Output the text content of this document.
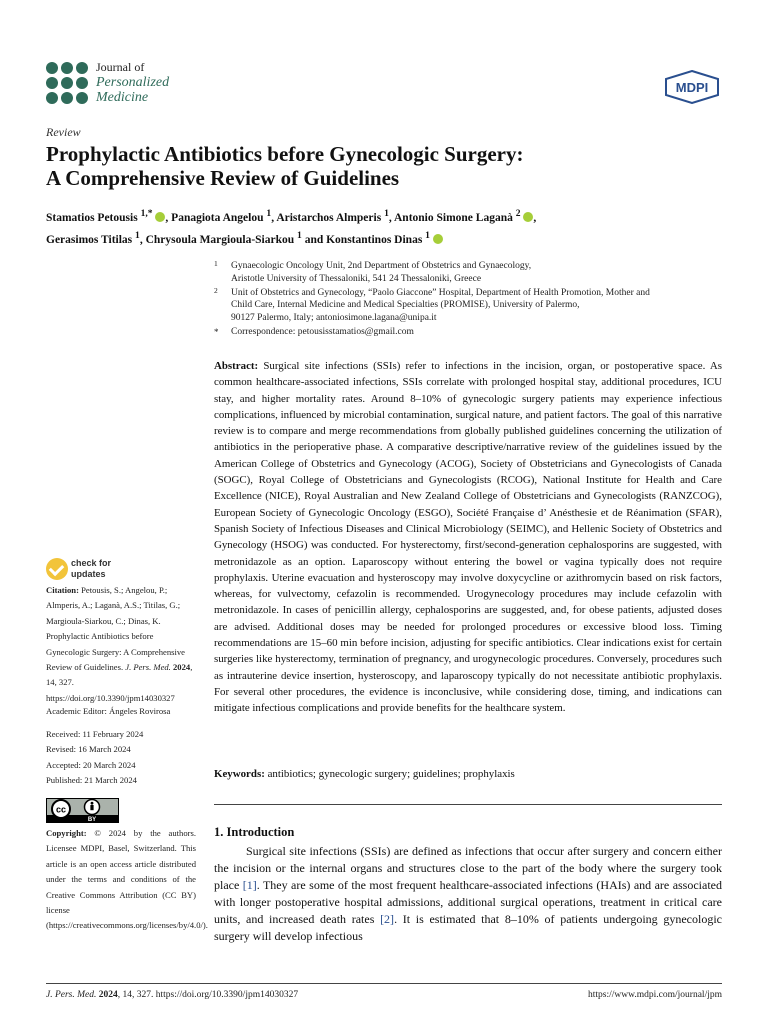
Journal of
Personalized
Medicine
MDPI
Review
Prophylactic Antibiotics before Gynecologic Surgery:
A Comprehensive Review of Guidelines
Stamatios Petousis $^{1,*}$ , Panagiota Angelou $^1$, Aristarchos Almperis $^1$, Antonio Simone Laganà $^2$ ,
Gerasimos Titilas $^1$, Chrysoula Margioula-Siarkou $^1$ and Konstantinos Dinas $^1$
1 Gynaecologic Oncology Unit, 2nd Department of Obstetrics and Gynaecology,
Aristotle University of Thessaloniki, 541 24 Thessaloniki, Greece
2 Unit of Obstetrics and Gynecology, “Paolo Giaccone” Hospital, Department of Health Promotion, Mother and
Child Care, Internal Medicine and Medical Specialties (PROMISE), University of Palermo,
90127 Palermo, Italy; antoniosimone.lagana@unipa.it
* Correspondence: petousisstamatios@gmail.com
Abstract: Surgical site infections (SSIs) refer to infections in the incision, organ, or postoperative space. As common healthcare-associated infections, SSIs correlate with prolonged hospital stay, additional procedures, ICU stay, and higher mortality rates. Around 8–10% of gynecologic surgery patients may experience infectious complications, influenced by microbial contamination, surgical nature, and patient factors. The goal of this narrative review is to compare and merge recommendations from globally published guidelines concerning the utilization of antibiotics in the perioperative phase. A comparative descriptive/narrative review of the guidelines issued by the American College of Obstetrics and Gynecology (ACOG), Society of Obstetricians and Gynecologists of Canada (SOGC), Royal College of Obstetricians and Gynecologists (RCOG), National Institute for Health and Care Excellence (NICE), Royal Australian and New Zealand College of Obstetricians and Gynecologists (RANZCOG), European Society of Gynecologic Oncology (ESGO), Société Française d’ Anésthesie et de Réanimation (SFAR), Spanish Society of Infectious Diseases and Clinical Microbiology (SEIMC), and Hellenic Society of Obstetrics and Gynecology (HSOG) was conducted. For hysterectomy, first/second-generation cephalosporins are suggested, with metronidazole as an option. Laparoscopy without entering the bowel or vagina typically does not require prophylaxis. Uterine evacuation and hysteroscopy may involve doxycycline or azithromycin based on risk factors, whereas, for vulvectomy, cefazolin is recommended. Urogynecology procedures may include cefazolin with metronidazole. In cases of penicillin allergy, cephalosporins are suggested, and, for obese patients, adjusted doses are advised. Additional doses may be needed for prolonged procedures or excessive blood loss. Timing recommendations are 15–60 min before incision, adjusting for specific antibiotics. Clear indications exist for certain surgeries like hysterectomy, termination of pregnancy, and urogynecologic procedures. Conversely, procedures such as intrauterine device insertion, hysteroscopy, and laparoscopy typically do not necessitate antibiotic prophylaxis. For several other procedures, the evidence is inconclusive, while considering dose, timing, and indications can mitigate infectious complications and provide benefits for the healthcare system.
Keywords: antibiotics; gynecologic surgery; guidelines; prophylaxis
1. Introduction
Surgical site infections (SSIs) are defined as infections that occur after surgery and concern either the incision or the internal organs and structures close to the part of the body where the surgery took place [1]. They are some of the most frequent healthcare-associated infections (HAIs) and are associated with longer postoperative hospital admissions, additional surgical operations, treatment in critical care units, and increased death rates [2]. It is estimated that 8–10% of patients undergoing gynecologic surgery will develop infectious
check for
updates
Citation: Petousis, S.; Angelou, P.; Almperis, A.; Laganà, A.S.; Titilas, G.; Margioula-Siarkou, C.; Dinas, K. Prophylactic Antibiotics before Gynecologic Surgery: A Comprehensive Review of Guidelines. J. Pers. Med. 2024, 14, 327. https://doi.org/10.3390/jpm14030327
Academic Editor: Ángeles Rovirosa
Received: 11 February 2024
Revised: 16 March 2024
Accepted: 20 March 2024
Published: 21 March 2024
cc
BY
Copyright: © 2024 by the authors. Licensee MDPI, Basel, Switzerland. This article is an open access article distributed under the terms and conditions of the Creative Commons Attribution (CC BY) license (https://creativecommons.org/licenses/by/4.0/).
J. Pers. Med. 2024, 14, 327. https://doi.org/10.3390/jpm14030327	https://www.mdpi.com/journal/jpm
